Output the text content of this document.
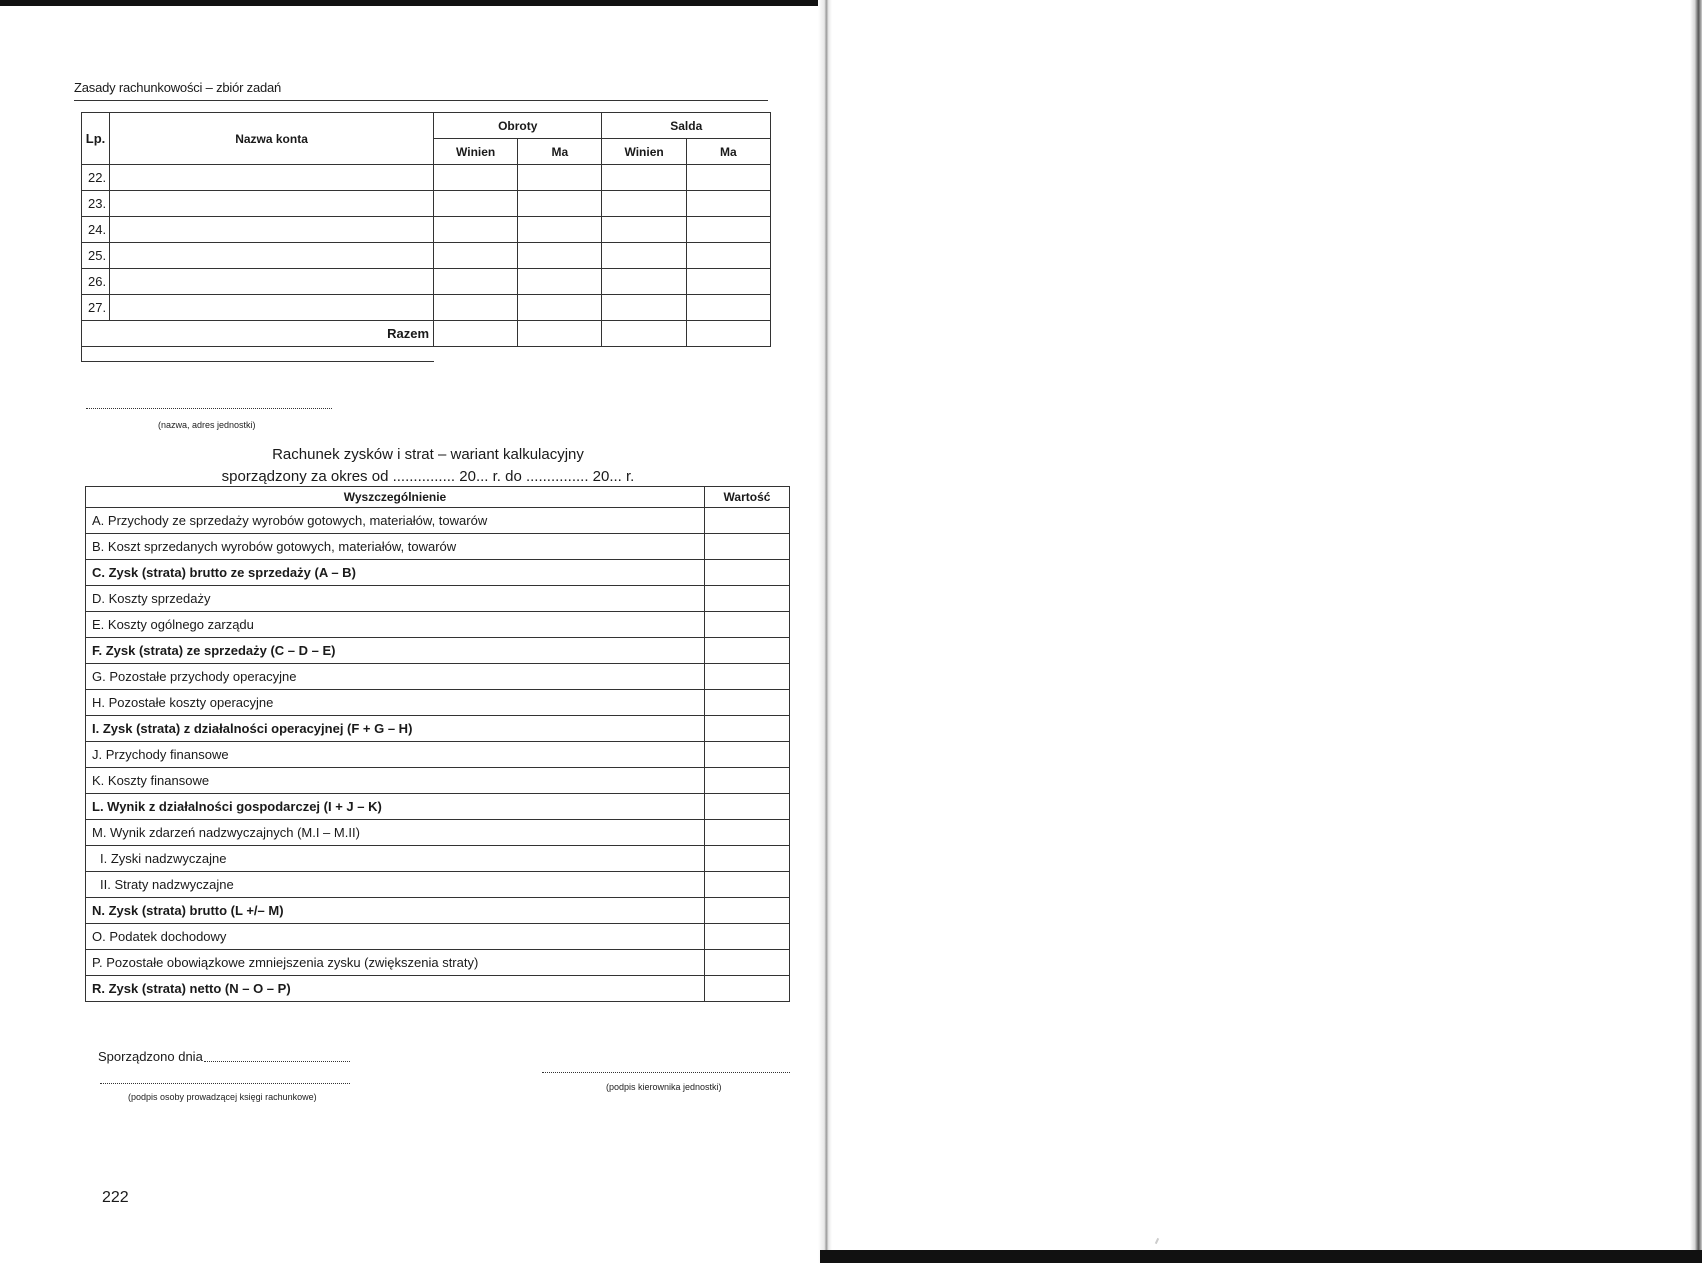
Zasady rachunkowości – zbiór zadań
Lp.	Nazwa konta	Obroty		Salda	
		Winien	Ma	Winien	Ma
22.					
23.					
24.					
25.					
26.					
27.					
Razem					

(nazwa, adres jednostki)
Rachunek zysków i strat – wariant kalkulacyjny
sporządzony za okres od ............... 20... r. do ............... 20... r.
Wyszczególnienie	Wartość
A. Przychody ze sprzedaży wyrobów gotowych, materiałów, towarów	
B. Koszt sprzedanych wyrobów gotowych, materiałów, towarów	
C. Zysk (strata) brutto ze sprzedaży (A – B)	
D. Koszty sprzedaży	
E. Koszty ogólnego zarządu	
F. Zysk (strata) ze sprzedaży (C – D – E)	
G. Pozostałe przychody operacyjne	
H. Pozostałe koszty operacyjne	
I. Zysk (strata) z działalności operacyjnej (F + G – H)	
J. Przychody finansowe	
K. Koszty finansowe	
L. Wynik z działalności gospodarczej (I + J – K)	
M. Wynik zdarzeń nadzwyczajnych (M.I – M.II)	
I. Zyski nadzwyczajne	
II. Straty nadzwyczajne	
N. Zysk (strata) brutto (L +/– M)	
O. Podatek dochodowy	
P. Pozostałe obowiązkowe zmniejszenia zysku (zwiększenia straty)	
R. Zysk (strata) netto (N – O – P)	
Sporządzono dnia
(podpis osoby prowadzącej księgi rachunkowe)
(podpis kierownika jednostki)
222
